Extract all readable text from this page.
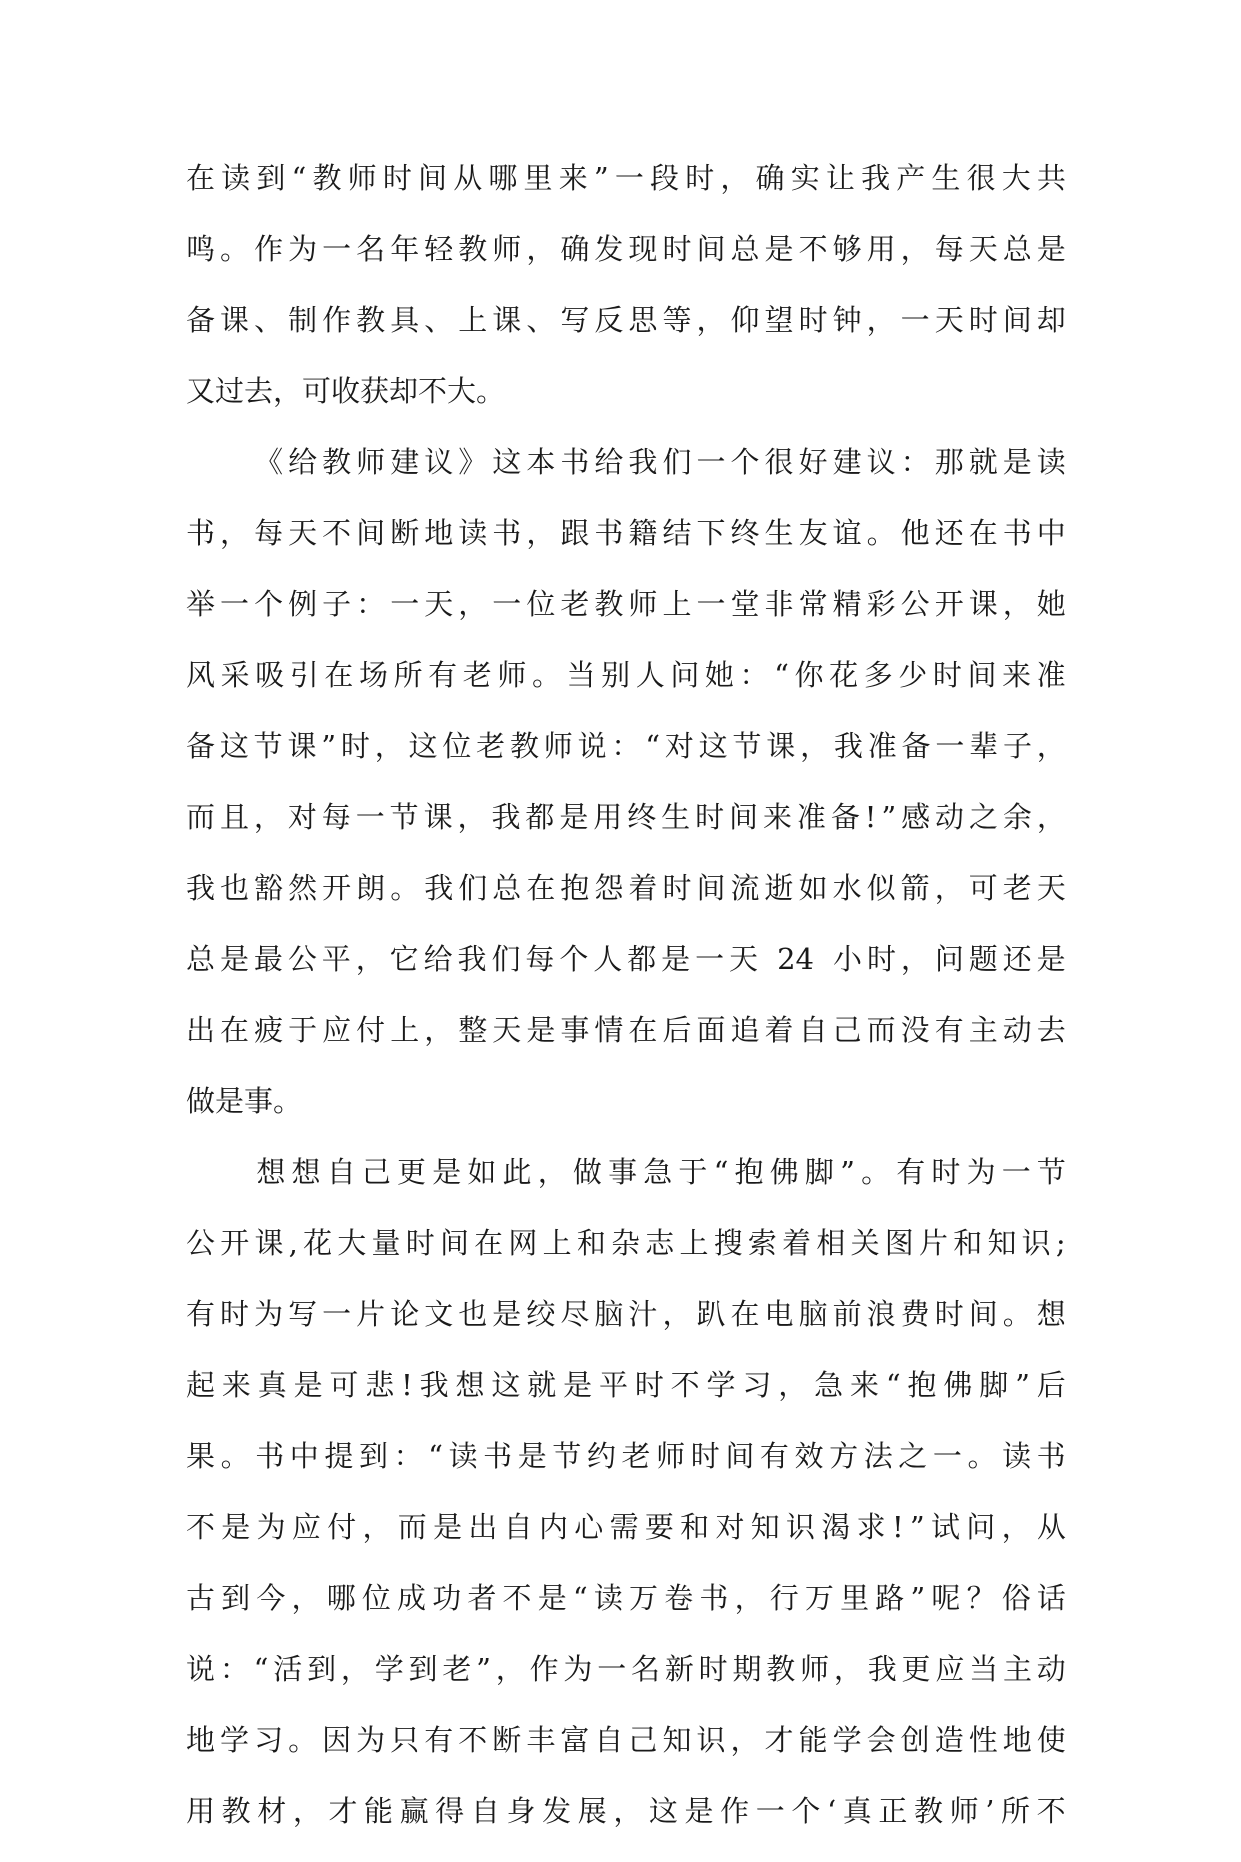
在 读 到 “ 教 师 时 间 从 哪 里 来 ” 一 段 时 ， 确 实 让 我 产 生 很 大 共
鸣 。 作 为 一 名 年 轻 教 师 ， 确 发 现 时 间 总 是 不 够 用 ， 每 天 总 是
备 课 、 制 作 教 具 、 上 课 、 写 反 思 等 ， 仰 望 时 钟 ， 一 天 时 间 却
又过去，可收获却不大。

《 给 教 师 建 议 》 这 本 书 给 我 们 一 个 很 好 建 议 ： 那 就 是 读
书 ， 每 天 不 间 断 地 读 书 ， 跟 书 籍 结 下 终 生 友 谊 。 他 还 在 书 中
举 一 个 例 子 ： 一 天 ， 一 位 老 教 师 上 一 堂 非 常 精 彩 公 开 课 ， 她
风 采 吸 引 在 场 所 有 老 师 。 当 别 人 问 她 ： “ 你 花 多 少 时 间 来 准
备 这 节 课 ” 时 ， 这 位 老 教 师 说 ： “ 对 这 节 课 ， 我 准 备 一 辈 子 ，
而 且 ， 对 每 一 节 课 ， 我 都 是 用 终 生 时 间 来 准 备 ! ” 感 动 之 余 ，
我 也 豁 然 开 朗 。 我 们 总 在 抱 怨 着 时 间 流 逝 如 水 似 箭 ， 可 老 天
总 是 最 公 平 ， 它 给 我 们 每 个 人 都 是 一 天
24
小 时 ， 问 题 还 是
出 在 疲 于 应 付 上 ， 整 天 是 事 情 在 后 面 追 着 自 己 而 没 有 主 动 去
做是事。

想 想 自 己 更 是 如 此 ， 做 事 急 于 “ 抱 佛 脚 ” 。 有 时 为 一 节
公 开 课 , 花 大 量 时 间 在 网 上 和 杂 志 上 搜 索 着 相 关 图 片 和 知 识 ;
有 时 为 写 一 片 论 文 也 是 绞 尽 脑 汁 ， 趴 在 电 脑 前 浪 费 时 间 。 想
起 来 真 是 可 悲 ! 我 想 这 就 是 平 时 不 学 习 ， 急 来 “ 抱 佛 脚 ” 后
果 。 书 中 提 到 ： “ 读 书 是 节 约 老 师 时 间 有 效 方 法 之 一 。 读 书
不 是 为 应 付 ， 而 是 出 自 内 心 需 要 和 对 知 识 渴 求 ! ” 试 问 ， 从
古 到 今 ， 哪 位 成 功 者 不 是 “ 读 万 卷 书 ， 行 万 里 路 ” 呢 ？ 俗 话
说 ： “ 活 到 ， 学 到 老 ” ， 作 为 一 名 新 时 期 教 师 ， 我 更 应 当 主 动
地 学 习 。 因 为 只 有 不 断 丰 富 自 己 知 识 ， 才 能 学 会 创 造 性 地 使
用 教 材 ， 才 能 赢 得 自 身 发 展 ， 这 是 作 一 个 ‘ 真 正 教 师 ’ 所 不
